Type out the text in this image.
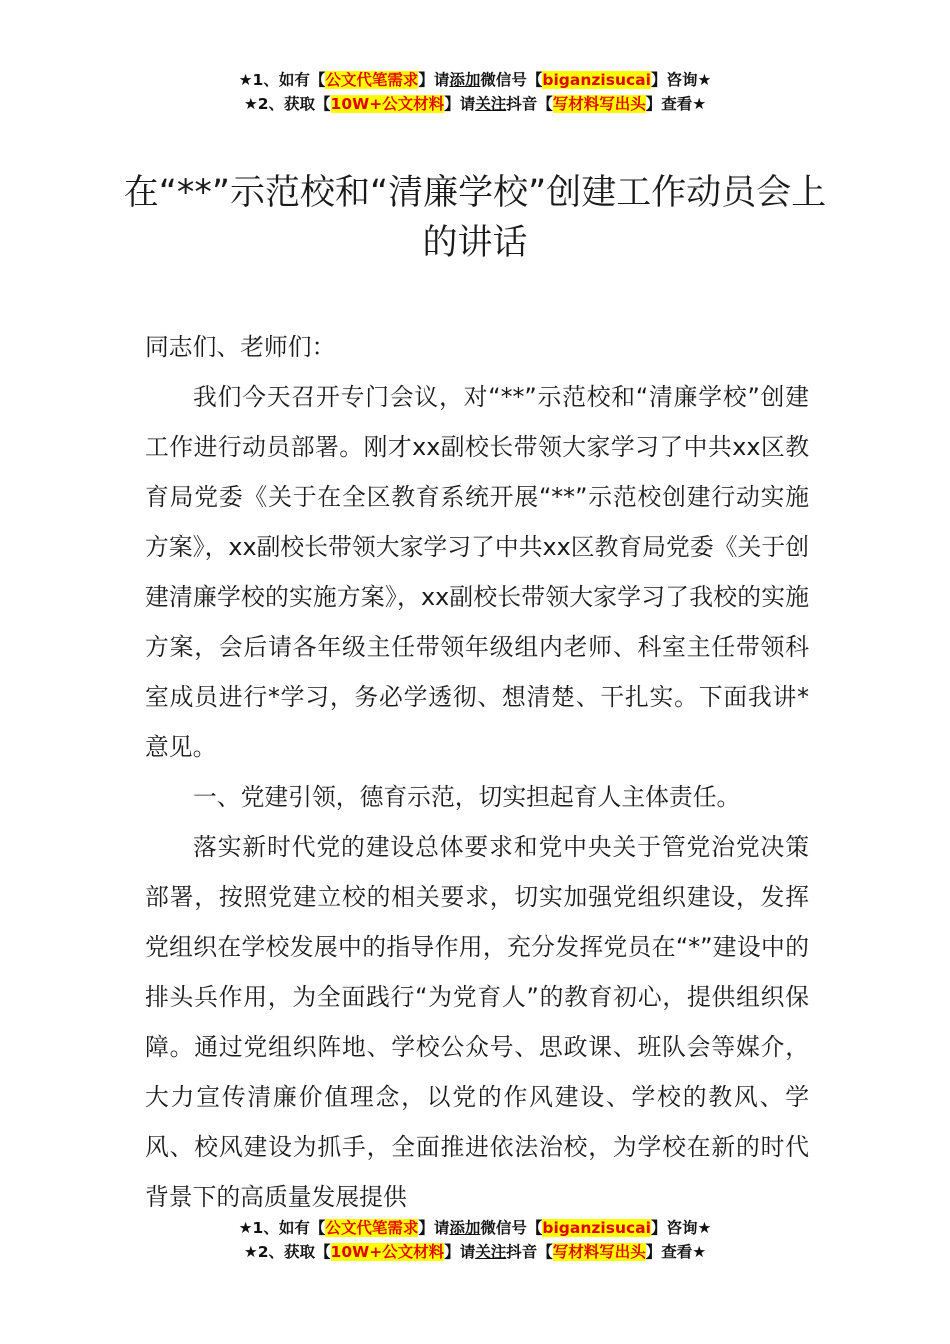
★1、如有【公文代笔需求】请添加微信号【biganzisucai】咨询★
★2、获取【10W+公文材料】请关注抖音【写材料写出头】查看★
在“**”示范校和“清廉学校”创建工作动员会上的讲话

同志们、老师们：

我们今天召开专门会议，对“**”示范校和“清廉学校”创建工作进行动员部署。刚才xx副校长带领大家学习了中共xx区教育局党委《关于在全区教育系统开展“**”示范校创建行动实施方案》，xx副校长带领大家学习了中共xx区教育局党委《关于创建清廉学校的实施方案》，xx副校长带领大家学习了我校的实施方案，会后请各年级主任带领年级组内老师、科室主任带领科室成员进行*学习，务必学透彻、想清楚、干扎实。下面我讲*意见。

一、党建引领，德育示范，切实担起育人主体责任。

落实新时代党的建设总体要求和党中央关于管党治党决策部署，按照党建立校的相关要求，切实加强党组织建设，发挥党组织在学校发展中的指导作用，充分发挥党员在“*”建设中的排头兵作用，为全面践行“为党育人”的教育初心，提供组织保障。通过党组织阵地、学校公众号、思政课、班队会等媒介，大力宣传清廉价值理念，以党的作风建设、学校的教风、学风、校风建设为抓手，全面推进依法治校，为学校在新的时代背景下的高质量发展提供

★1、如有【公文代笔需求】请添加微信号【biganzisucai】咨询★
★2、获取【10W+公文材料】请关注抖音【写材料写出头】查看★
